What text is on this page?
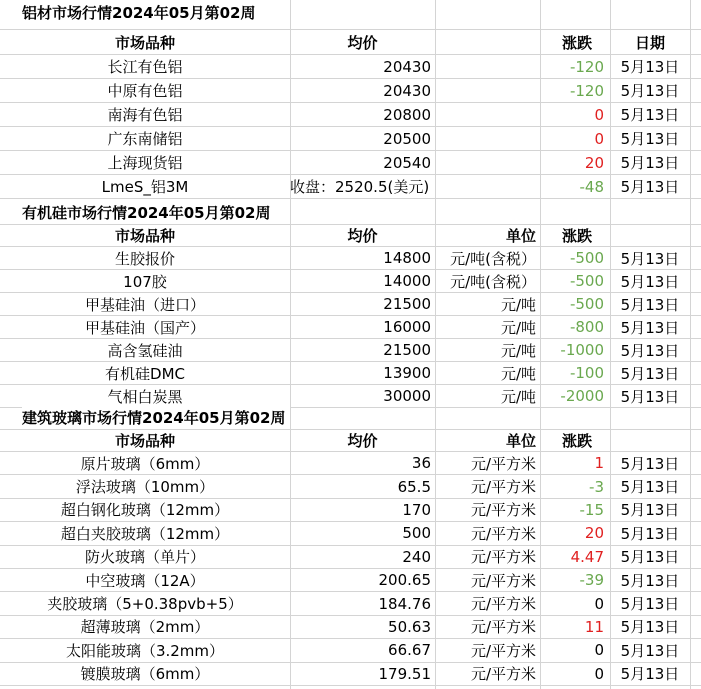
铝材市场行情2024年05月第02周
市场品种	均价	涨跌	日期
长江有色铝	20430	-120	5月13日
中原有色铝	20430	-120	5月13日
南海有色铝	20800	0	5月13日
广东南储铝	20500	0	5月13日
上海现货铝	20540	20	5月13日
LmeS_铝3M	收盘：2520.5(美元)	-48	5月13日
有机硅市场行情2024年05月第02周
市场品种	均价	单位	涨跌
生胶报价	14800	元/吨(含税）	-500	5月13日
107胶	14000	元/吨(含税）	-500	5月13日
甲基硅油（进口）	21500	元/吨	-500	5月13日
甲基硅油（国产）	16000	元/吨	-800	5月13日
高含氢硅油	21500	元/吨	-1000	5月13日
有机硅DMC	13900	元/吨	-100	5月13日
气相白炭黑	30000	元/吨	-2000	5月13日
建筑玻璃市场行情2024年05月第02周
市场品种	均价	单位	涨跌
原片玻璃（6mm）	36	元/平方米	1	5月13日
浮法玻璃（10mm）	65.5	元/平方米	-3	5月13日
超白钢化玻璃（12mm）	170	元/平方米	-15	5月13日
超白夹胶玻璃（12mm）	500	元/平方米	20	5月13日
防火玻璃（单片）	240	元/平方米	4.47	5月13日
中空玻璃（12A）	200.65	元/平方米	-39	5月13日
夹胶玻璃（5+0.38pvb+5）	184.76	元/平方米	0	5月13日
超薄玻璃（2mm）	50.63	元/平方米	11	5月13日
太阳能玻璃（3.2mm）	66.67	元/平方米	0	5月13日
镀膜玻璃（6mm）	179.51	元/平方米	0	5月13日
